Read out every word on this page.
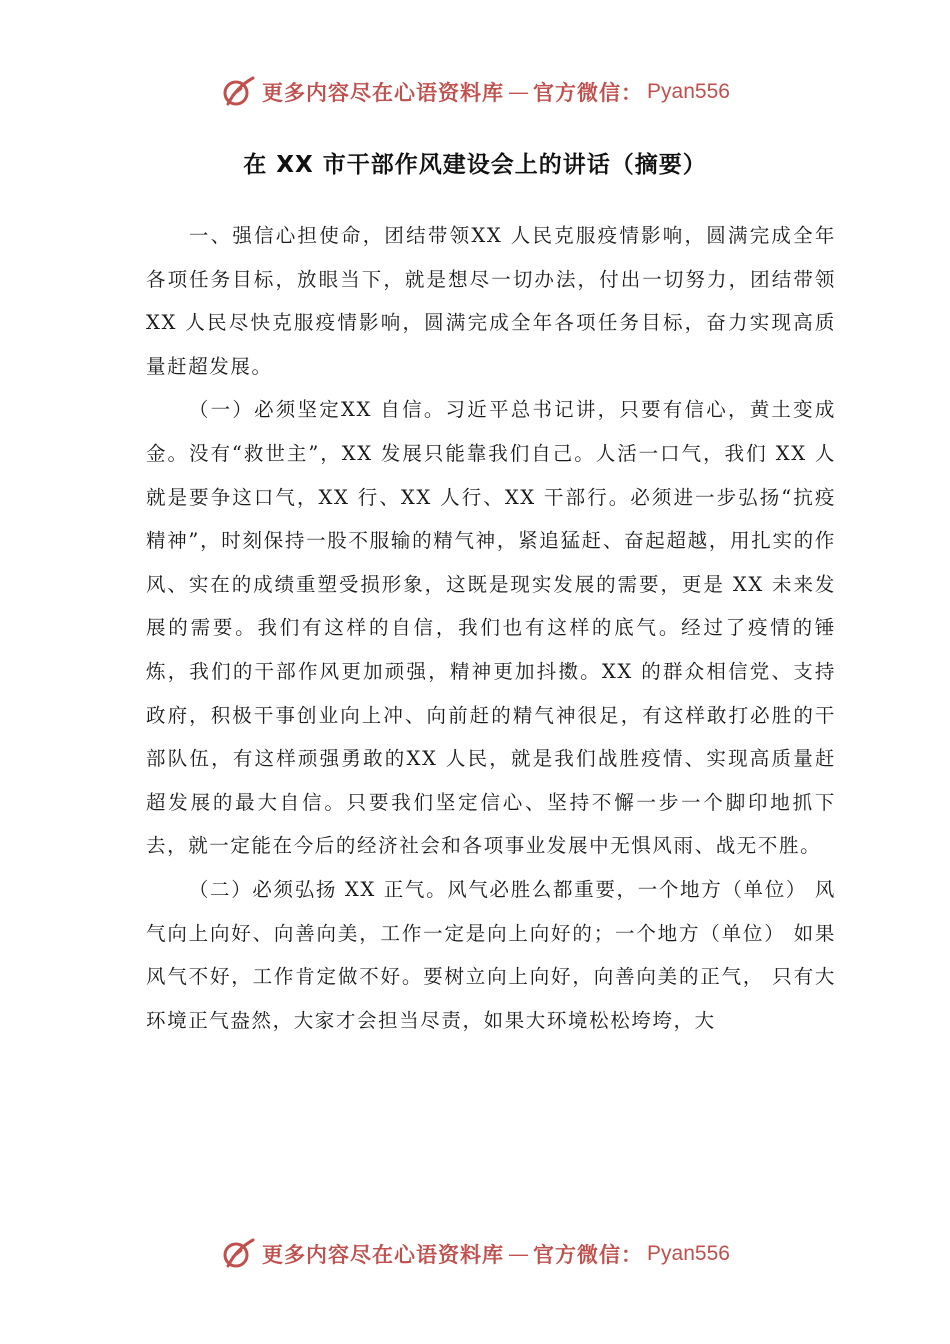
更多内容尽在心语资料库 — 官方微信： Pyan556
在 XX 市干部作风建设会上的讲话（摘要）

一、强信心担使命，团结带领XX 人民克服疫情影响，圆满完成全年各项任务目标，放眼当下，就是想尽一切办法，付出一切努力，团结带领 XX 人民尽快克服疫情影响，圆满完成全年各项任务目标，奋力实现高质量赶超发展。

（一）必须坚定XX 自信。习近平总书记讲，只要有信心，黄土变成金。没有“救世主”，XX 发展只能靠我们自己。人活一口气，我们 XX 人就是要争这口气，XX 行、XX 人行、XX 干部行。必须进一步弘扬“抗疫精神”，时刻保持一股不服输的精气神，紧追猛赶、奋起超越，用扎实的作风、实在的成绩重塑受损形象，这既是现实发展的需要，更是 XX 未来发展的需要。我们有这样的自信，我们也有这样的底气。经过了疫情的锤炼，我们的干部作风更加顽强，精神更加抖擞。XX 的群众相信党、支持政府，积极干事创业向上冲、向前赶的精气神很足，有这样敢打必胜的干部队伍，有这样顽强勇敢的XX 人民，就是我们战胜疫情、实现高质量赶超发展的最大自信。只要我们坚定信心、坚持不懈一步一个脚印地抓下去，就一定能在今后的经济社会和各项事业发展中无惧风雨、战无不胜。

（二）必须弘扬 XX 正气。风气必胜么都重要，一个地方（单位） 风气向上向好、向善向美，工作一定是向上向好的；一个地方（单位） 如果风气不好，工作肯定做不好。要树立向上向好，向善向美的正气， 只有大环境正气盎然，大家才会担当尽责，如果大环境松松垮垮，大

更多内容尽在心语资料库 — 官方微信： Pyan556
